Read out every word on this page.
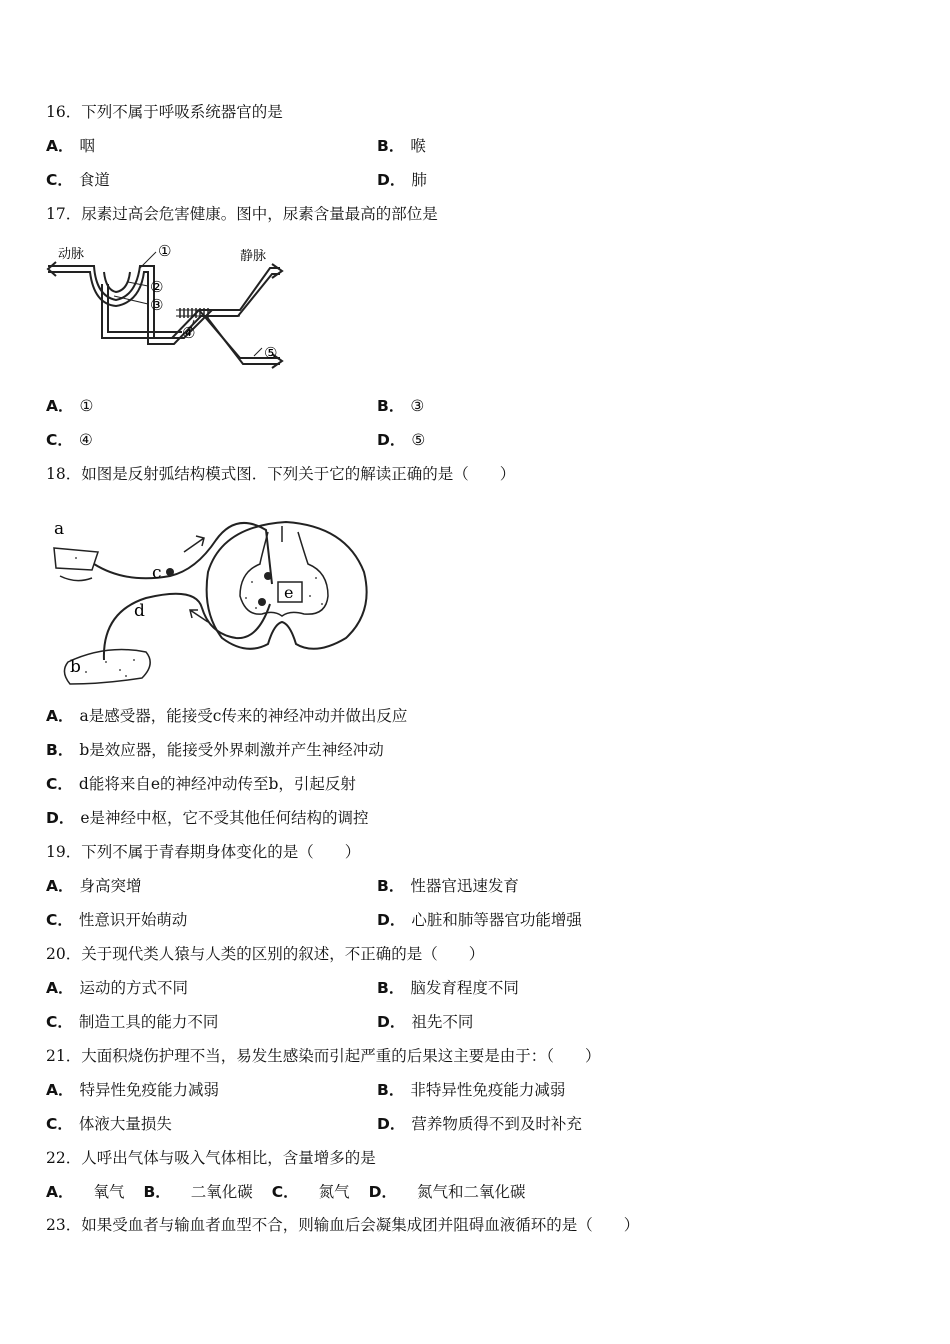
16．下列不属于呼吸系统器官的是
A． 咽	B． 喉
C． 食道	D． 肺
17．尿素过高会危害健康。图中，尿素含量最高的部位是
动脉	静脉
①
②
③
④
⑤
A． ①	B． ③
C． ④	D． ⑤
18．如图是反射弧结构模式图．下列关于它的解读正确的是（　　）
a
b
c
d
e
A． a是感受器，能接受c传来的神经冲动并做出反应
B． b是效应器，能接受外界刺激并产生神经冲动
C． d能将来自e的神经冲动传至b，引起反射
D． e是神经中枢，它不受其他任何结构的调控
19．下列不属于青春期身体变化的是（　　）
A． 身高突增	B． 性器官迅速发育
C． 性意识开始萌动	D． 心脏和肺等器官功能增强
20．关于现代类人猿与人类的区别的叙述，不正确的是（　　）
A． 运动的方式不同	B． 脑发育程度不同
C． 制造工具的能力不同	D． 祖先不同
21．大面积烧伤护理不当，易发生感染而引起严重的后果这主要是由于：（　　）
A． 特异性免疫能力减弱	B． 非特异性免疫能力减弱
C． 体液大量损失	D． 营养物质得不到及时补充
22．人呼出气体与吸入气体相比，含量增多的是
A． 氧气 B． 二氧化碳 C． 氮气 D． 氮气和二氧化碳
23．如果受血者与输血者血型不合，则输血后会凝集成团并阻碍血液循环的是（　　）
